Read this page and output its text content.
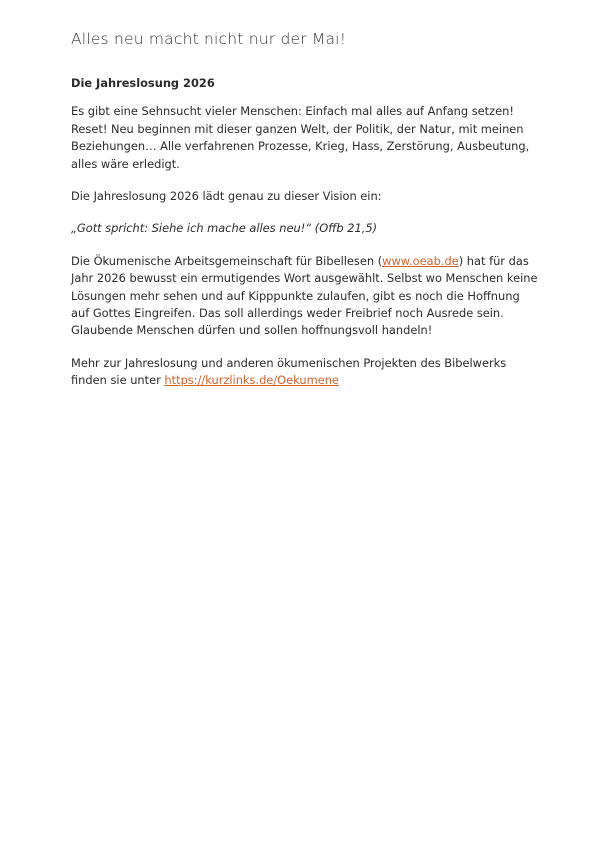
Alles neu macht nicht nur der Mai!
Die Jahreslosung 2026

Es gibt eine Sehnsucht vieler Menschen: Einfach mal alles auf Anfang setzen! Reset! Neu beginnen mit dieser ganzen Welt, der Politik, der Natur, mit meinen Beziehungen… Alle verfahrenen Prozesse, Krieg, Hass, Zerstörung, Ausbeutung, alles wäre erledigt.

Die Jahreslosung 2026 lädt genau zu dieser Vision ein:

„Gott spricht: Siehe ich mache alles neu!“ (Offb 21,5)

Die Ökumenische Arbeitsgemeinschaft für Bibellesen (www.oeab.de) hat für das Jahr 2026 bewusst ein ermutigendes Wort ausgewählt. Selbst wo Menschen keine Lösungen mehr sehen und auf Kipppunkte zulaufen, gibt es noch die Hoffnung auf Gottes Eingreifen. Das soll allerdings weder Freibrief noch Ausrede sein. Glaubende Menschen dürfen und sollen hoffnungsvoll handeln!

Mehr zur Jahreslosung und anderen ökumenischen Projekten des Bibelwerks finden sie unter https://kurzlinks.de/Oekumene
